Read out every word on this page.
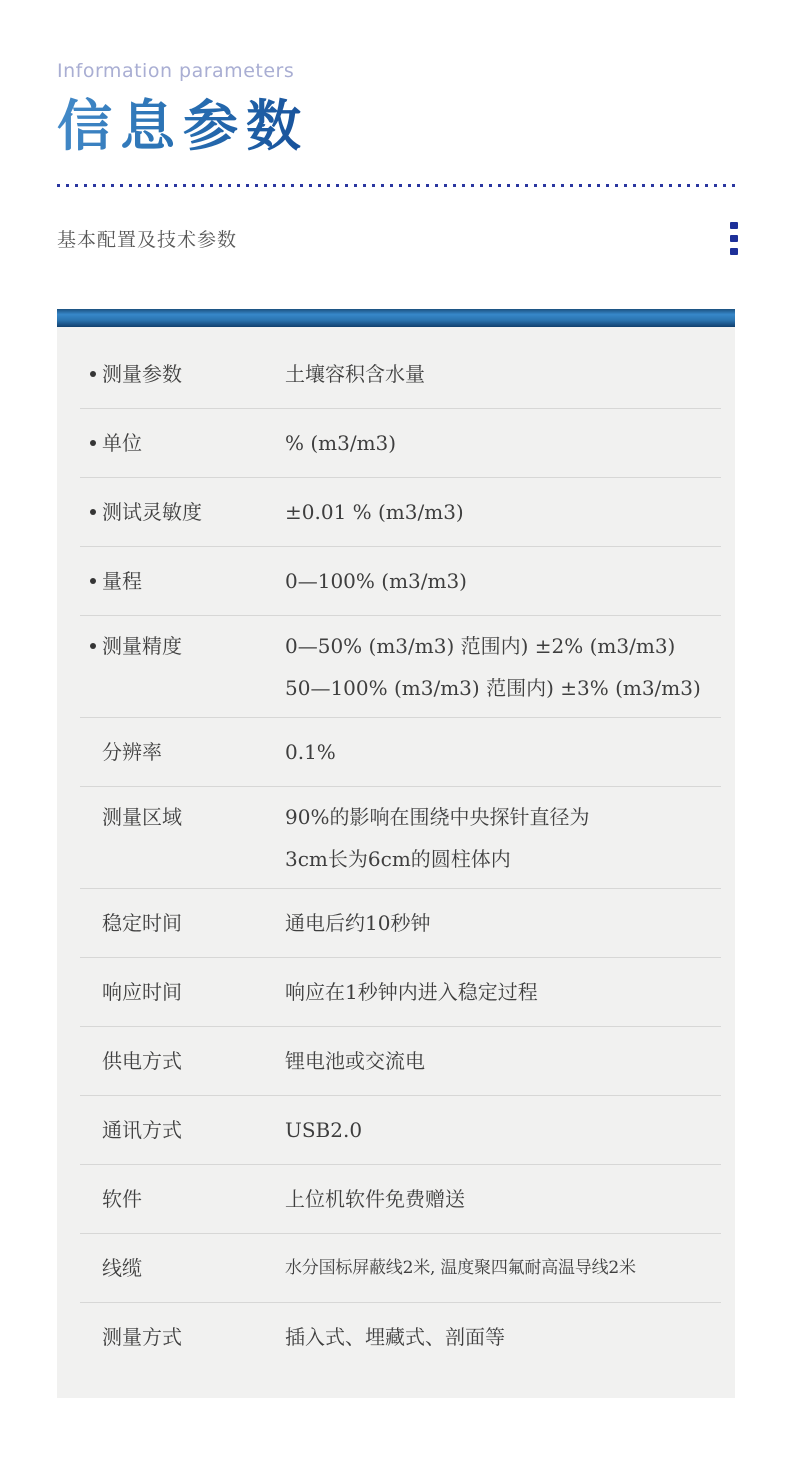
Information parameters
信息参数
基本配置及技术参数
测量参数	土壤容积含水量
单位	% (m3/m3)
测试灵敏度	±0.01 % (m3/m3)
量程	0—100% (m3/m3)
测量精度	0—50% (m3/m3) 范围内) ±2% (m3/m3)
50—100% (m3/m3) 范围内) ±3% (m3/m3)
分辨率	0.1%
测量区域	90%的影响在围绕中央探针直径为
3cm长为6cm的圆柱体内
稳定时间	通电后约10秒钟
响应时间	响应在1秒钟内进入稳定过程
供电方式	锂电池或交流电
通讯方式	USB2.0
软件	上位机软件免费赠送
线缆	水分国标屏蔽线2米, 温度聚四氟耐高温导线2米
测量方式	插入式、埋藏式、剖面等
